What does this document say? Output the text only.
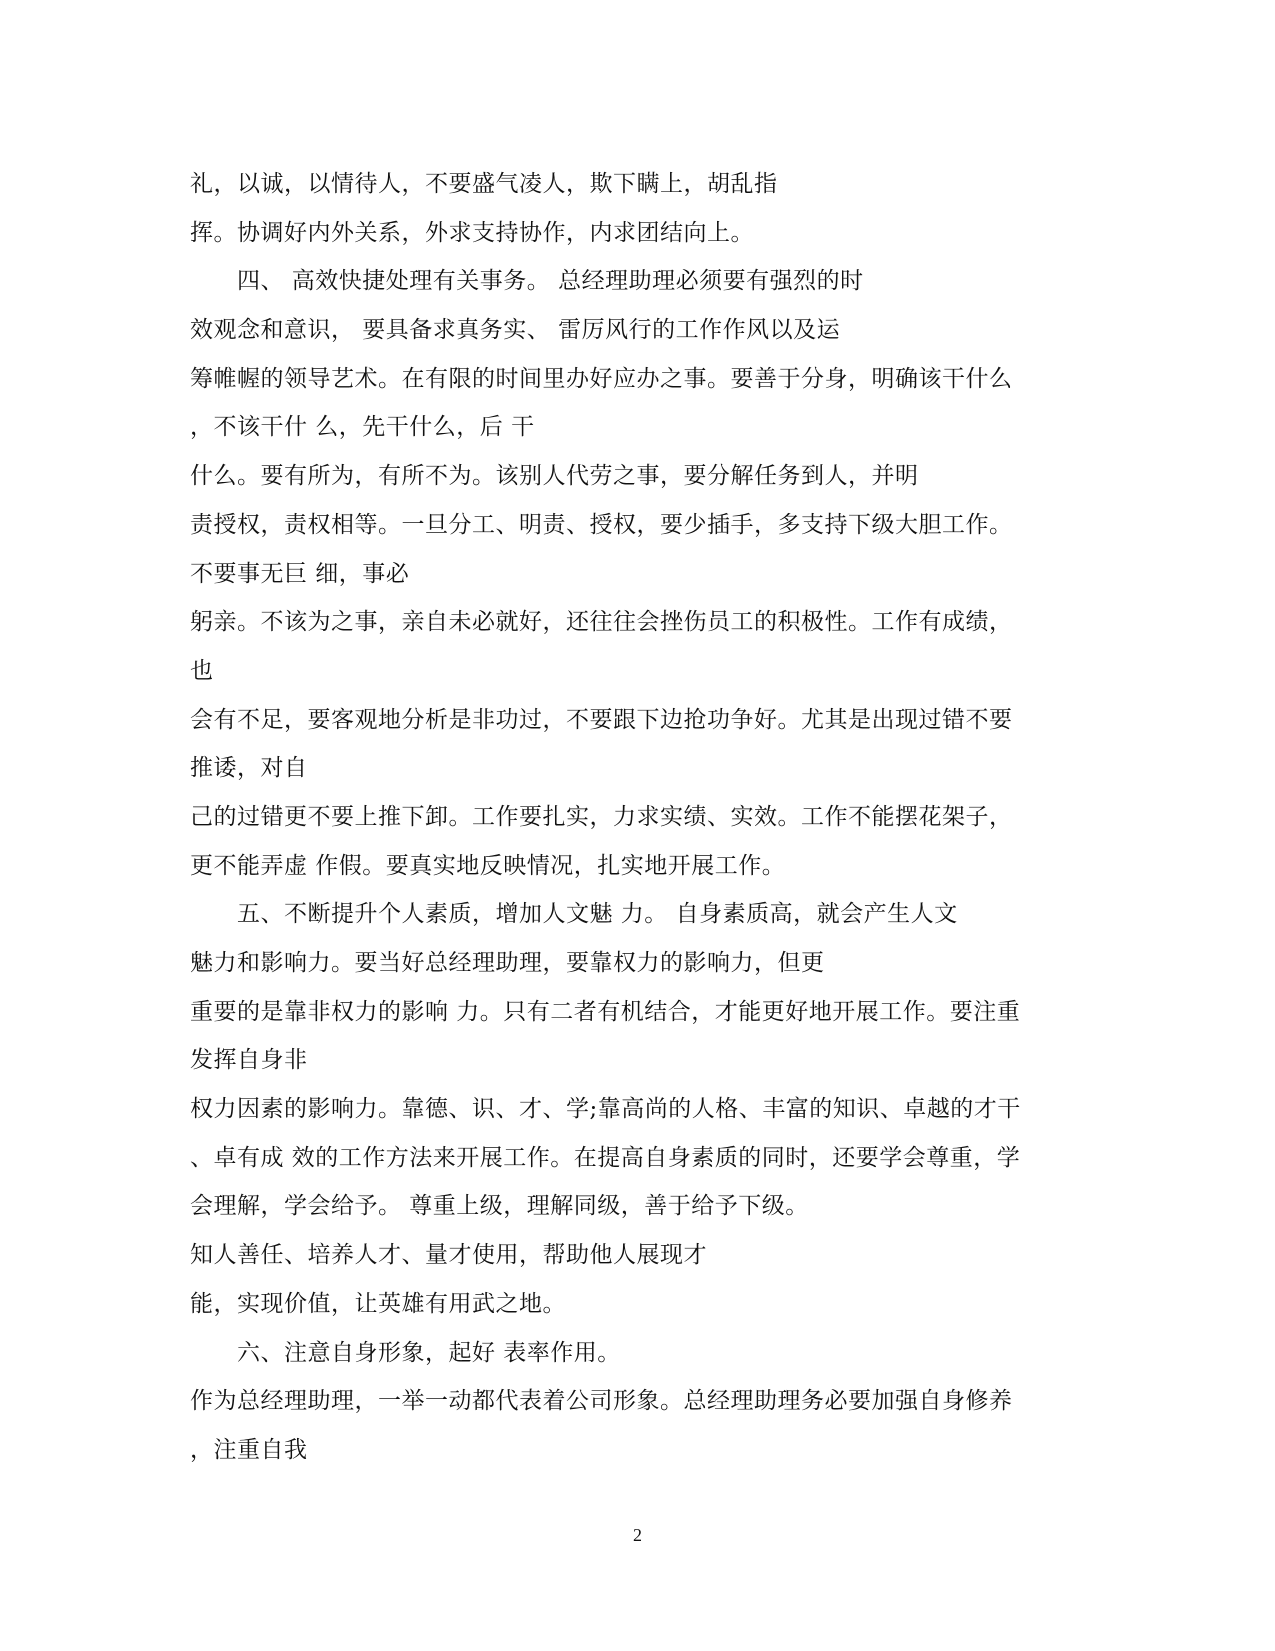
礼，以诚，以情待人，不要盛气凌人，欺下瞒上，胡乱指
挥。协调好内外关系，外求支持协作，内求团结向上。
　　四、 高效快捷处理有关事务。 总经理助理必须要有强烈的时
效观念和意识， 要具备求真务实、 雷厉风行的工作作风以及运
筹帷幄的领导艺术。在有限的时间里办好应办之事。要善于分身，明确该干什么
，不该干什 么，先干什么，后 干
什么。要有所为，有所不为。该别人代劳之事，要分解任务到人，并明
责授权，责权相等。一旦分工、明责、授权，要少插手，多支持下级大胆工作。
不要事无巨 细，事必
躬亲。不该为之事，亲自未必就好，还往往会挫伤员工的积极性。工作有成绩，
也
会有不足，要客观地分析是非功过，不要跟下边抢功争好。尤其是出现过错不要
推诿，对自
己的过错更不要上推下卸。工作要扎实，力求实绩、实效。工作不能摆花架子，
更不能弄虚 作假。要真实地反映情况，扎实地开展工作。
　　五、不断提升个人素质，增加人文魅 力。 自身素质高，就会产生人文
魅力和影响力。要当好总经理助理，要靠权力的影响力，但更
重要的是靠非权力的影响 力。只有二者有机结合，才能更好地开展工作。要注重
发挥自身非
权力因素的影响力。靠德、识、才、学;靠高尚的人格、丰富的知识、卓越的才干
、卓有成 效的工作方法来开展工作。在提高自身素质的同时，还要学会尊重，学
会理解，学会给予。 尊重上级，理解同级，善于给予下级。
知人善任、培养人才、量才使用，帮助他人展现才
能，实现价值，让英雄有用武之地。
　　六、注意自身形象，起好 表率作用。
作为总经理助理，一举一动都代表着公司形象。总经理助理务必要加强自身修养
，注重自我
2
